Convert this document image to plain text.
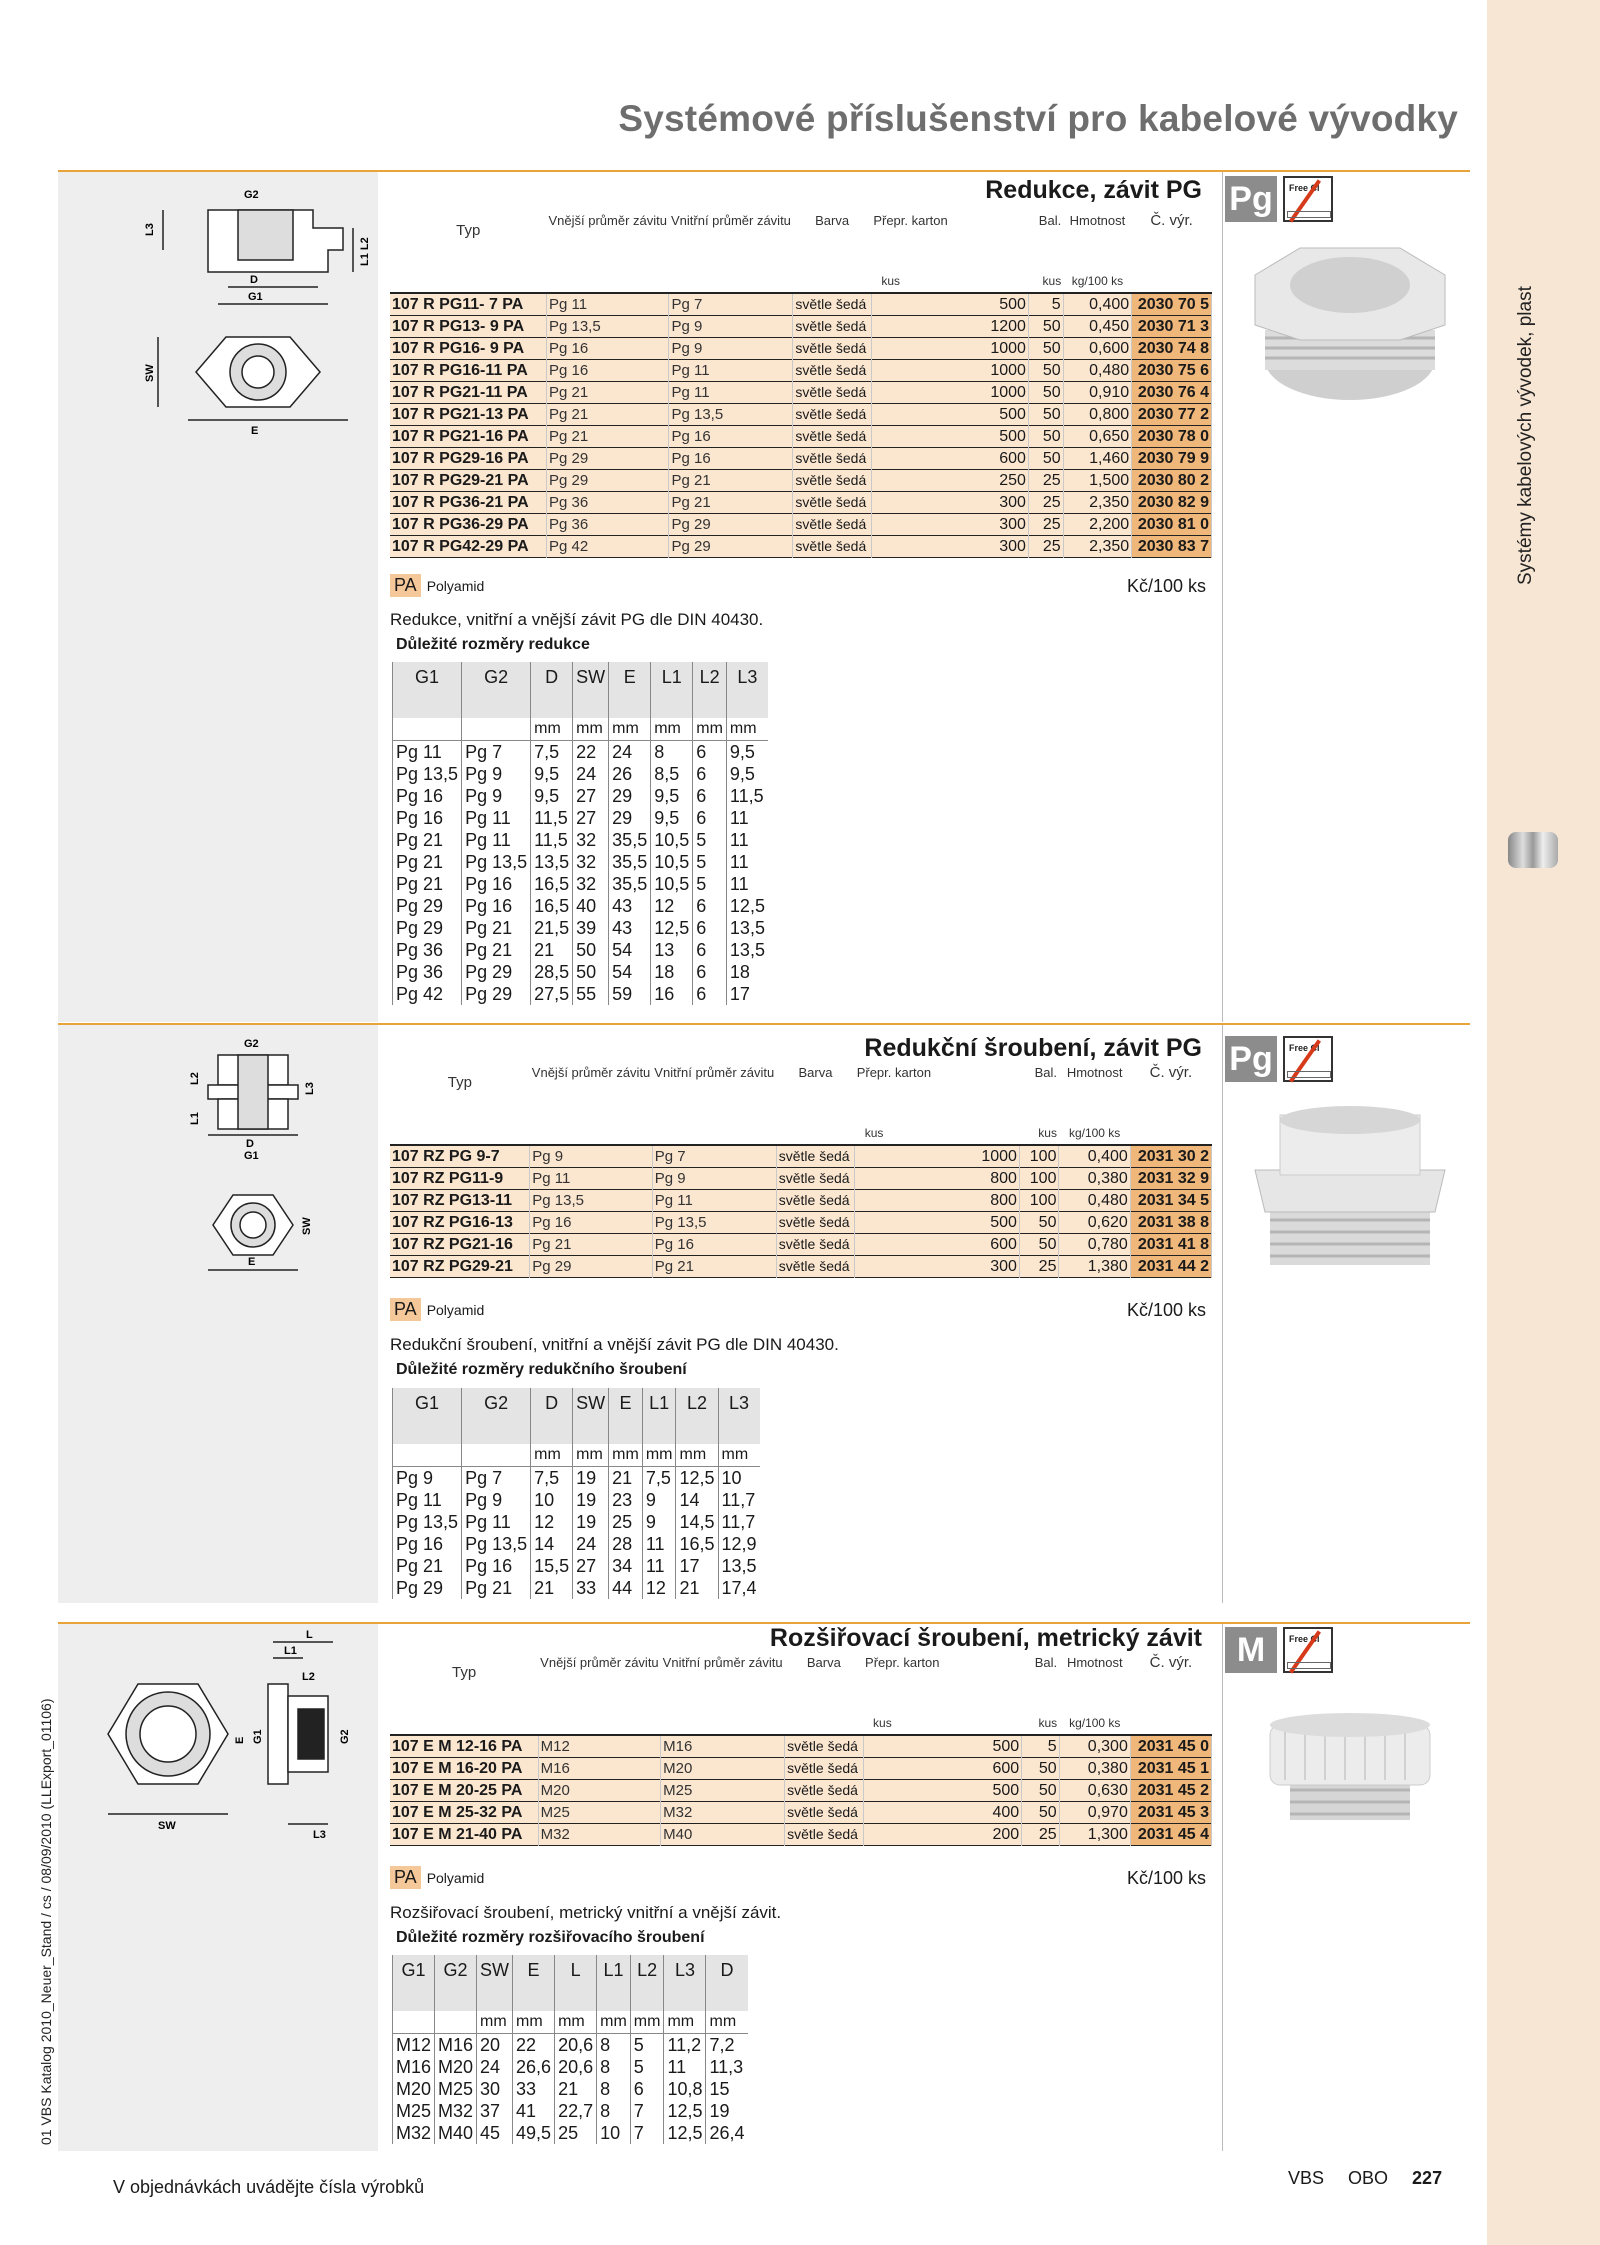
Systémy kabelových vývodek, plast
01 VBS Katalog 2010_Neuer_Stand / cs / 08/09/2010 (LLExport_01106)
Systémové příslušenství pro kabelové vývodky
G2
L3
L1 L2
D
G1
SW
E
Redukce, závit PG Pg	Free Cl
Typ	Vnější průměr závitu	Vnitřní průměr závitu	Barva	Přepr. karton	Bal.	Hmotnost	Č. výr.
				kus	kus	kg/100 ks	
107 R PG11- 7 PA	Pg 11	Pg 7	světle šedá	500	5	0,400	2030 70 5
107 R PG13- 9 PA	Pg 13,5	Pg 9	světle šedá	1200	50	0,450	2030 71 3
107 R PG16- 9 PA	Pg 16	Pg 9	světle šedá	1000	50	0,600	2030 74 8
107 R PG16-11 PA	Pg 16	Pg 11	světle šedá	1000	50	0,480	2030 75 6
107 R PG21-11 PA	Pg 21	Pg 11	světle šedá	1000	50	0,910	2030 76 4
107 R PG21-13 PA	Pg 21	Pg 13,5	světle šedá	500	50	0,800	2030 77 2
107 R PG21-16 PA	Pg 21	Pg 16	světle šedá	500	50	0,650	2030 78 0
107 R PG29-16 PA	Pg 29	Pg 16	světle šedá	600	50	1,460	2030 79 9
107 R PG29-21 PA	Pg 29	Pg 21	světle šedá	250	25	1,500	2030 80 2
107 R PG36-21 PA	Pg 36	Pg 21	světle šedá	300	25	2,350	2030 82 9
107 R PG36-29 PA	Pg 36	Pg 29	světle šedá	300	25	2,200	2030 81 0
107 R PG42-29 PA	Pg 42	Pg 29	světle šedá	300	25	2,350	2030 83 7
PA Polyamid	Kč/100 ks
Redukce, vnitřní a vnější závit PG dle DIN 40430.
Důležité rozměry redukce
G1	G2	D	SW	E	L1	L2	L3

		mm	mm	mm	mm	mm	mm
Pg 11	Pg 7	7,5	22	24	8	6	9,5
Pg 13,5	Pg 9	9,5	24	26	8,5	6	9,5
Pg 16	Pg 9	9,5	27	29	9,5	6	11,5
Pg 16	Pg 11	11,5	27	29	9,5	6	11
Pg 21	Pg 11	11,5	32	35,5	10,5	5	11
Pg 21	Pg 13,5	13,5	32	35,5	10,5	5	11
Pg 21	Pg 16	16,5	32	35,5	10,5	5	11
Pg 29	Pg 16	16,5	40	43	12	6	12,5
Pg 29	Pg 21	21,5	39	43	12,5	6	13,5
Pg 36	Pg 21	21	50	54	13	6	13,5
Pg 36	Pg 29	28,5	50	54	18	6	18
Pg 42	Pg 29	27,5	55	59	16	6	17
G2
L2
L1
L3
D
G1
SW
E
Redukční šroubení, závit PG Pg	Free Cl
Typ	Vnější průměr závitu	Vnitřní průměr závitu	Barva	Přepr. karton	Bal.	Hmotnost	Č. výr.
				kus	kus	kg/100 ks	
107 RZ PG 9-7	Pg 9	Pg 7	světle šedá	1000	100	0,400	2031 30 2
107 RZ PG11-9	Pg 11	Pg 9	světle šedá	800	100	0,380	2031 32 9
107 RZ PG13-11	Pg 13,5	Pg 11	světle šedá	800	100	0,480	2031 34 5
107 RZ PG16-13	Pg 16	Pg 13,5	světle šedá	500	50	0,620	2031 38 8
107 RZ PG21-16	Pg 21	Pg 16	světle šedá	600	50	0,780	2031 41 8
107 RZ PG29-21	Pg 29	Pg 21	světle šedá	300	25	1,380	2031 44 2
PA Polyamid	Kč/100 ks
Redukční šroubení, vnitřní a vnější závit PG dle DIN 40430.
Důležité rozměry redukčního šroubení
G1	G2	D	SW	E	L1	L2	L3

		mm	mm	mm	mm	mm	mm
Pg 9	Pg 7	7,5	19	21	7,5	12,5	10
Pg 11	Pg 9	10	19	23	9	14	11,7
Pg 13,5	Pg 11	12	19	25	9	14,5	11,7
Pg 16	Pg 13,5	14	24	28	11	16,5	12,9
Pg 21	Pg 16	15,5	27	34	11	17	13,5
Pg 29	Pg 21	21	33	44	12	21	17,4
L
L1
L2
L3
E G1	G2
SW
Rozšiřovací šroubení, metrický závit	M	Free Cl
Typ	Vnější průměr závitu	Vnitřní průměr závitu	Barva	Přepr. karton	Bal.	Hmotnost	Č. výr.
				kus	kus	kg/100 ks	
107 E M 12-16 PA	M12	M16	světle šedá	500	5	0,300	2031 45 0
107 E M 16-20 PA	M16	M20	světle šedá	600	50	0,380	2031 45 1
107 E M 20-25 PA	M20	M25	světle šedá	500	50	0,630	2031 45 2
107 E M 25-32 PA	M25	M32	světle šedá	400	50	0,970	2031 45 3
107 E M 21-40 PA	M32	M40	světle šedá	200	25	1,300	2031 45 4
PA Polyamid	Kč/100 ks
Rozšiřovací šroubení, metrický vnitřní a vnější závit.
Důležité rozměry rozšiřovacího šroubení
G1	G2	SW	E	L	L1	L2	L3	D

		mm	mm	mm	mm	mm	mm	mm
M12	M16	20	22	20,6	8	5	11,2	7,2
M16	M20	24	26,6	20,6	8	5	11	11,3
M20	M25	30	33	21	8	6	10,8	15
M25	M32	37	41	22,7	8	7	12,5	19
M32	M40	45	49,5	25	10	7	12,5	26,4
V objednávkách uvádějte čísla výrobků	VBS OBO 227
